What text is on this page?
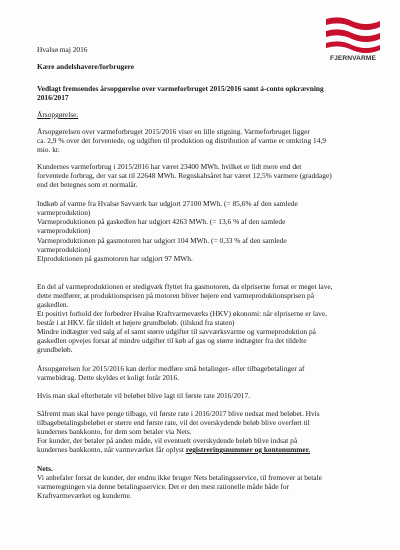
FJERNVARME
Hvalsø maj 2016
Kære andelshavere/forbrugere
Vedlagt fremsendes årsopgørelse over varmeforbruget 2015/2016 samt á-conto opkrævning
2016/2017
Årsopgørelse.
Årsopgørelsen over varmeforbruget 2015/2016 viser en lille stigning. Varmeforbruget ligger
ca. 2,9 % over det forventede, og udgiften til produktion og distribution af varme er omkring 14,9
mio. kr.
Kundernes varmeforbrug i 2015/2016 har været 23400 MWh. hvilket er lidt mere end det
forventede forbrug, der var sat til 22648 MWh. Regnskabsåret har været 12,5% varmere (graddage)
end det betegnes som et normalår.
Indkøb af varme fra Hvalsø Savværk har udgjort 27100 MWh. (= 85,6% af den samlede
varmeproduktion)
Varmeproduktionen på gaskedlen har udgjort 4263 MWh. (= 13,6 % af den samlede
varmeproduktion)
Varmeproduktionen på gasmotoren har udgjort 104 MWh. (= 0,33 % af den samlede
varmeproduktion)
Elproduktionen på gasmotoren har udgjort 97 MWh.
En del af varmeproduktionen er stedigvæk flyttet fra gasmotoren, da elpriserne forsat er meget lave,
dette medfører, at produktionsprisen på motoren bliver højere end varmeproduktionsprisen på
gaskedlen.
Et positivt forhold der forbedrer Hvalsø Kraftvarmeværks (HKV) økonomi: når elpriserne er lave,
består i at HKV. får tildelt et højere grundbeløb. (tilskud fra staten)
Mindre indtægter ved salg af el samt større udgifter til savværksvarme og varmeproduktion på
gaskedlen opvejes forsat af mindre udgifter til køb af gas og større indtægter fra det tildelte
grundbeløb.
Årsopgørelsen for 2015/2016 kan derfor medføre små betalinger- eller tilbagebetalinger af
varmebidrag. Dette skyldes et koligt forår 2016.
Hvis man skal efterbetale vil beløbet blive lagt til første rate 2016/2017.
Såfremt man skal have penge tilbage, vil første rate i 2016/2017 blive nedsat med beløbet. Hvis
tilbagebetalingsbeløbet er større end første rate, vil det overskydende beløb blive overført til
kundernes bankkonto, for dem som betaler via Nets.
For kunder, der betaler på anden måde, vil eventuelt overskydende beløb blive indsat på
kundernes bankkonto, når varmeværket får oplyst registreringsnummer og kontonummer.
Nets.
Vi anbefaler forsat de kunder, der endnu ikke bruger Nets betalingsservice, til fremover at betale
varmeregningen via denne betalingsservice. Det er den mest rationelle måde både for
Kraftvarmeværket og kunderne.
